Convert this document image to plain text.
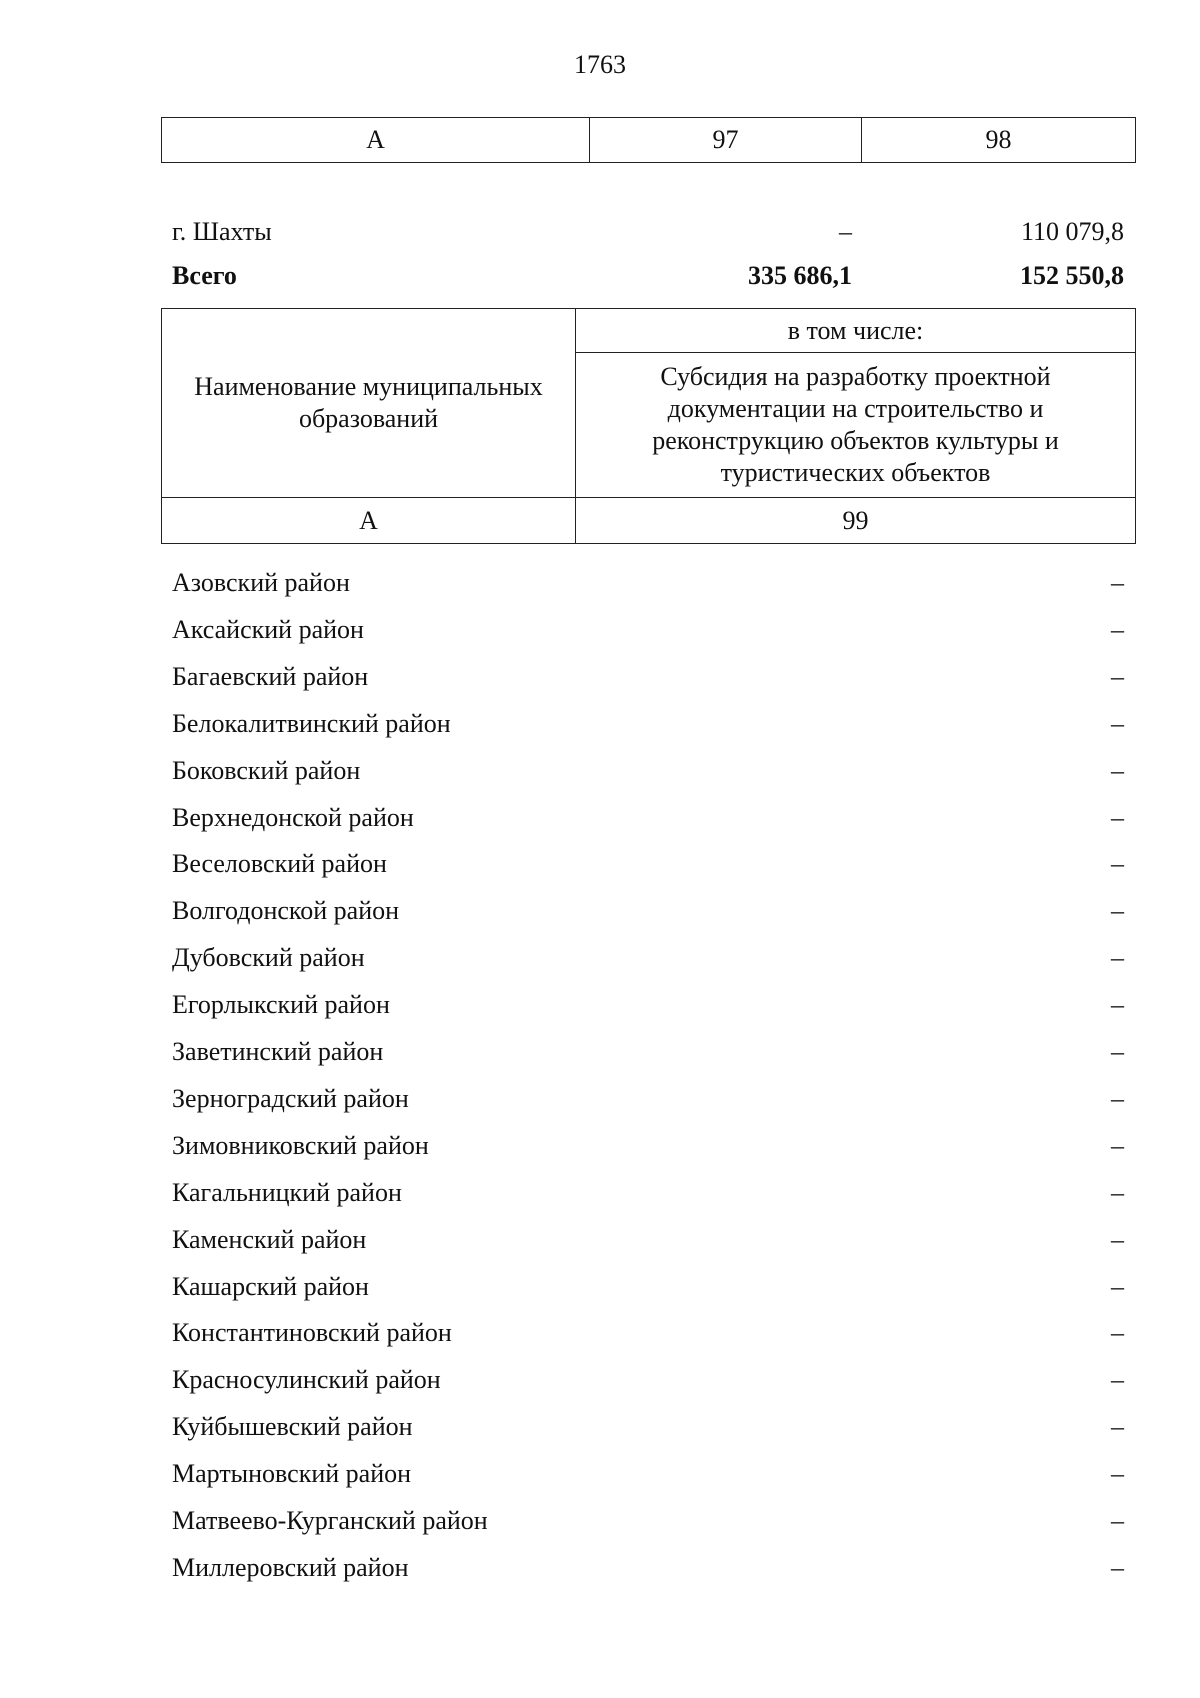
1763
А	97	98
г. Шахты	–	110 079,8
Всего	335 686,1	152 550,8
Наименование муниципальных образований	в том числе:
	Субсидия на разработку проектной документации на строительство и реконструкцию объектов культуры и туристических объектов
А	99
Азовский район	–
Аксайский район	–
Багаевский район	–
Белокалитвинский район	–
Боковский район	–
Верхнедонской район	–
Веселовский район	–
Волгодонской район	–
Дубовский район	–
Егорлыкский район	–
Заветинский район	–
Зерноградский район	–
Зимовниковский район	–
Кагальницкий район	–
Каменский район	–
Кашарский район	–
Константиновский район	–
Красносулинский район	–
Куйбышевский район	–
Мартыновский район	–
Матвеево-Курганский район	–
Миллеровский район	–
